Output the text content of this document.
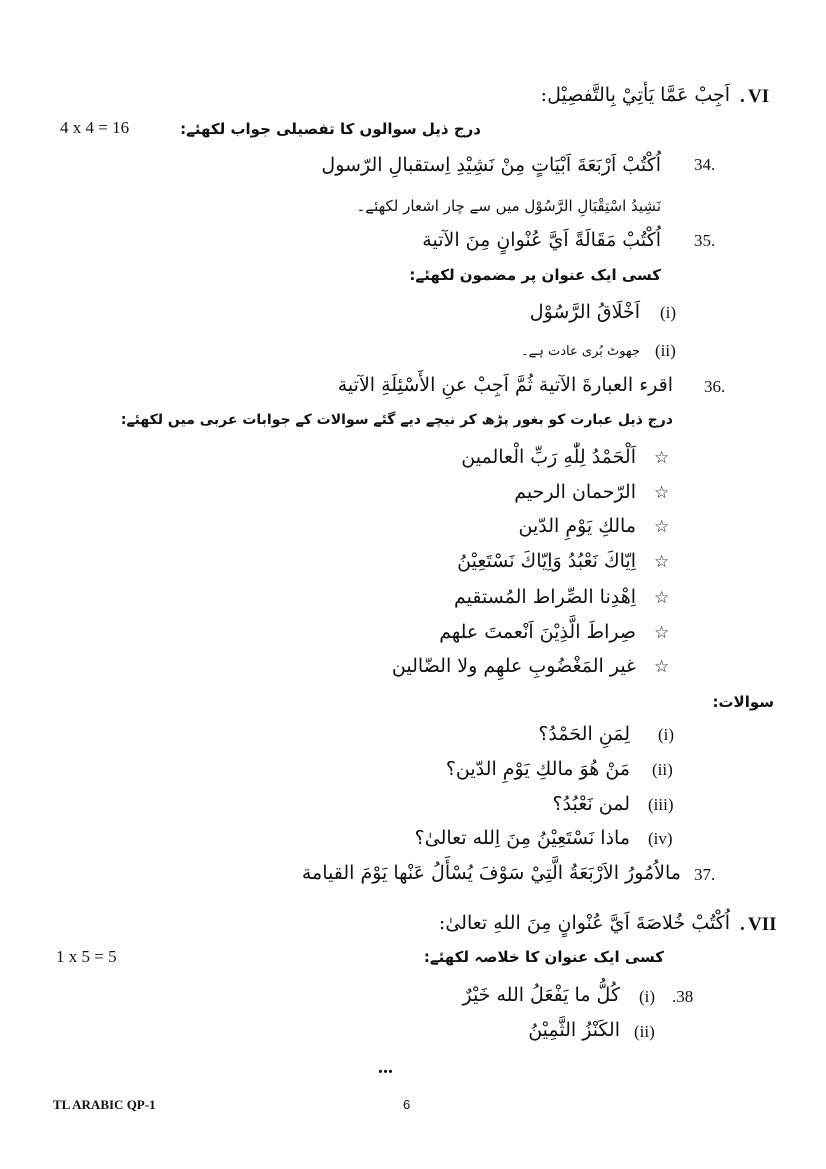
VI
.
اَجِبْ عَمَّا يَأتِيْ بِالتَّفصِيْل:
4 x 4 = 16	درج ذیل سوالوں کا تفصیلی جواب لکھئے:
34.
اُكْتُبْ اَرْبَعَةَ اَبْيَاتٍ مِنْ نَشِيْدِ اِستقبالِ الرّسول
نَشِيدُ اسْتِقْبَالِ الرَّسُوْل میں سے چار اشعار لکھئے۔
35.
اُكْتُبْ مَقَالَةً اَيَّ عُنْوانٍ مِنَ الآتية
کسی ایک عنوان پر مضمون لکھئے:
(i)
اَخْلَاقُ الرَّسُوْل
(ii)
جھوٹ بُری عادت ہے۔
36.
اقرء العبارةَ الآتية ثُمَّ اَجِبْ عنِ الأَسْئِلَةِ الآتية
درج ذیل عبارت کو بغور پڑھ کر نیچے دیے گئے سوالات کے جوابات عربی میں لکھئے:
☆
اَلْحَمْدُ لِلّٰهِ رَبِّ الْعالمين
☆
الرّحمان الرحيم
☆
مالكِ يَوْمِ الدّين
☆
اِيّاكَ نَعْبُدُ وَاِيّاكَ نَسْتَعِيْنُ
☆
اِهْدِنا الصِّراط المُستقيم
☆
صِراطَ الَّذِيْنَ اَنْعمتَ علهم
☆
غير المَغْضُوبِ علهِم ولا الضّالين
سوالات:
(i)
لِمَنِ الحَمْدُ؟
(ii)
مَنْ هُوَ مالكِ يَوْمِ الدّين؟
(iii)
لمن نَعْبُدُ؟
(iv)
ماذا نَسْتَعِيْنُ مِنَ اِلله تعالىٰ؟
37.
مالاُمُورُ الاَرْبَعَةُ الَّتِيْ سَوْفَ يُسْأَلُ عَنْها يَوْمَ القيامة
VII
.
اُكْتُبْ خُلاصَةَ اَيَّ عُنْوانٍ مِنَ اللهِ تعالىٰ:
1 x 5 = 5	کسی ایک عنوان کا خلاصہ لکھئے:
.38
(i)
كُلُّ ما يَفْعَلُ الله خَيْرٌ
(ii)
الكَنْزُ الثَّمِيْنُ
...
TL ARABIC QP-1	6
